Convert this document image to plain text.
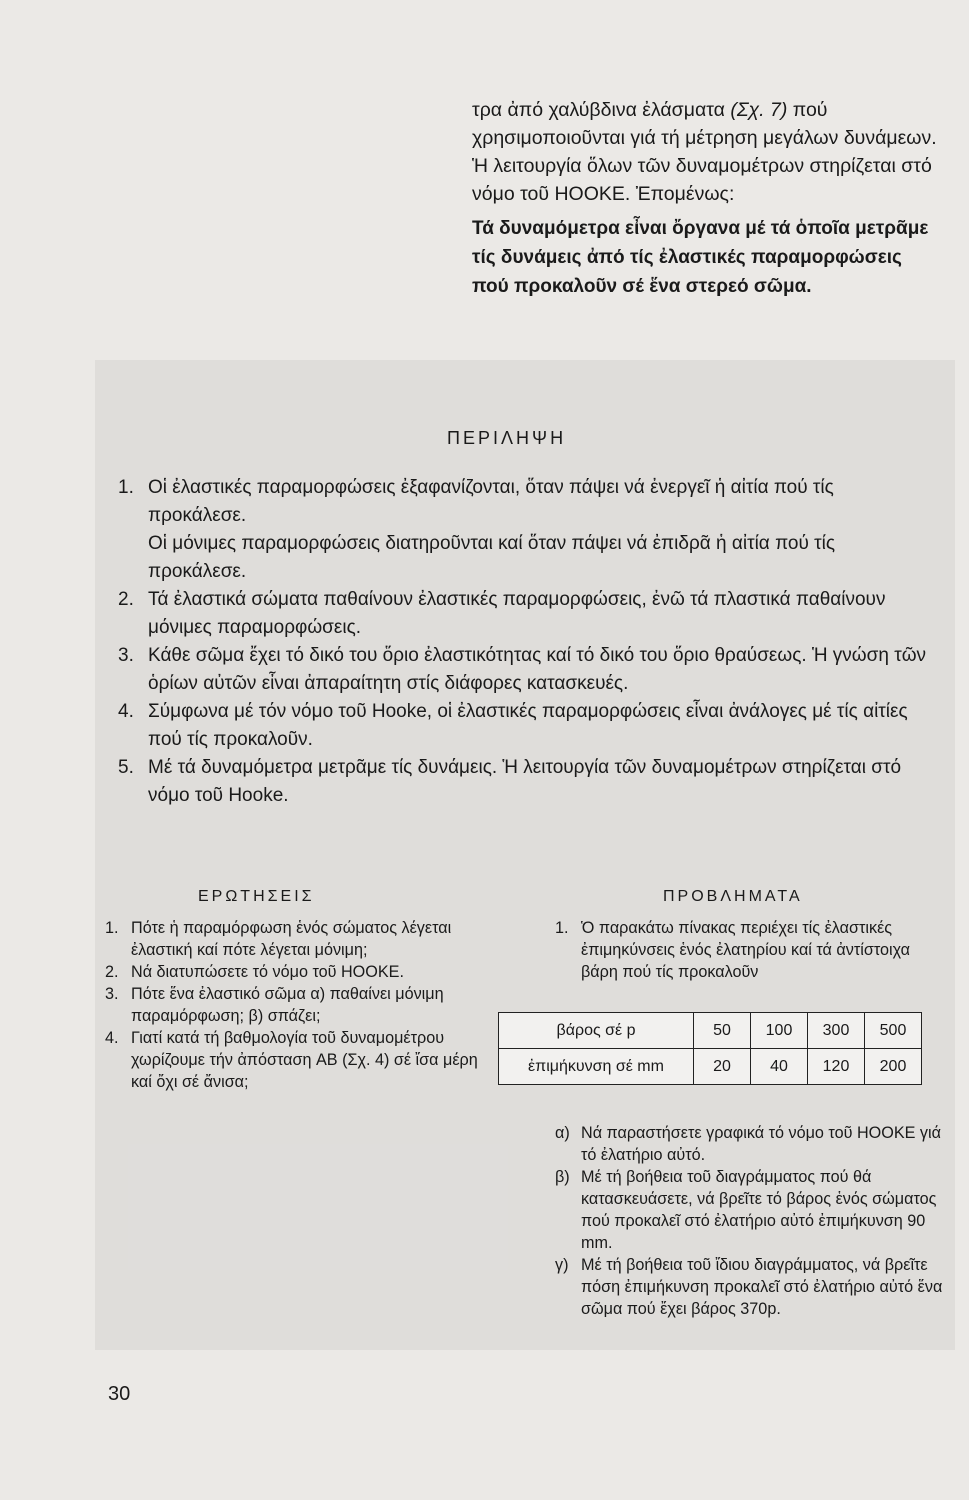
τρα ἀπό χαλύβδινα ἐλάσματα (Σχ. 7) πού χρησιμοποιοῦνται γιά τή μέτρηση μεγάλων δυνάμεων. Ἡ λειτουργία ὅλων τῶν δυναμομέτρων στηρίζεται στό νόμο τοῦ HOOKE. Ἐπομένως:
Τά δυναμόμετρα εἶναι ὄργανα μέ τά ὁποῖα μετρᾶμε τίς δυνάμεις ἀπό τίς ἐλαστικές παραμορφώσεις πού προκαλοῦν σέ ἕνα στερεό σῶμα.
ΠΕΡΙΛΗΨΗ
1. Οἱ ἐλαστικές παραμορφώσεις ἐξαφανίζονται, ὅταν πάψει νά ἐνεργεῖ ἡ αἰτία πού τίς προκάλεσε.

Οἱ μόνιμες παραμορφώσεις διατηροῦνται καί ὅταν πάψει νά ἐπιδρᾶ ἡ αἰτία πού τίς προκάλεσε.

2. Τά ἐλαστικά σώματα παθαίνουν ἐλαστικές παραμορφώσεις, ἐνῶ τά πλαστικά παθαίνουν μόνιμες παραμορφώσεις.

3. Κάθε σῶμα ἔχει τό δικό του ὅριο ἐλαστικότητας καί τό δικό του ὅριο θραύσεως. Ἡ γνώση τῶν ὁρίων αὐτῶν εἶναι ἀπαραίτητη στίς διάφορες κατασκευές.

4. Σύμφωνα μέ τόν νόμο τοῦ Hooke, οἱ ἐλαστικές παραμορφώσεις εἶναι ἀνάλογες μέ τίς αἰτίες πού τίς προκαλοῦν.

5. Μέ τά δυναμόμετρα μετρᾶμε τίς δυνάμεις. Ἡ λειτουργία τῶν δυναμομέτρων στηρίζεται στό νόμο τοῦ Hooke.

ΕΡΩΤΗΣΕΙΣ
1. Πότε ἡ παραμόρφωση ἑνός σώματος λέγεται ἐλαστική καί πότε λέγεται μόνιμη;
2. Νά διατυπώσετε τό νόμο τοῦ HOOKE.
3. Πότε ἕνα ἐλαστικό σῶμα α) παθαίνει μόνιμη παραμόρφωση; β) σπάζει;
4. Γιατί κατά τή βαθμολογία τοῦ δυναμομέτρου χωρίζουμε τήν ἀπόσταση AB (Σχ. 4) σέ ἴσα μέρη καί ὄχι σέ ἄνισα;
ΠΡΟΒΛΗΜΑΤΑ
1. Ὁ παρακάτω πίνακας περιέχει τίς ἐλαστικές ἐπιμηκύνσεις ἑνός ἐλατηρίου καί τά ἀντίστοιχα βάρη πού τίς προκαλοῦν
βάρος σέ p	50	100	300	500
ἐπιμήκυνση σέ mm	20	40	120	200
α) Νά παραστήσετε γραφικά τό νόμο τοῦ HOOKE γιά τό ἐλατήριο αὐτό.
β) Μέ τή βοήθεια τοῦ διαγράμματος πού θά κατασκευάσετε, νά βρεῖτε τό βάρος ἑνός σώματος πού προκαλεῖ στό ἐλατήριο αὐτό ἐπιμήκυνση 90 mm.
γ) Μέ τή βοήθεια τοῦ ἴδιου διαγράμματος, νά βρεῖτε πόση ἐπιμήκυνση προκαλεῖ στό ἐλατήριο αὐτό ἕνα σῶμα πού ἔχει βάρος 370p.
30
